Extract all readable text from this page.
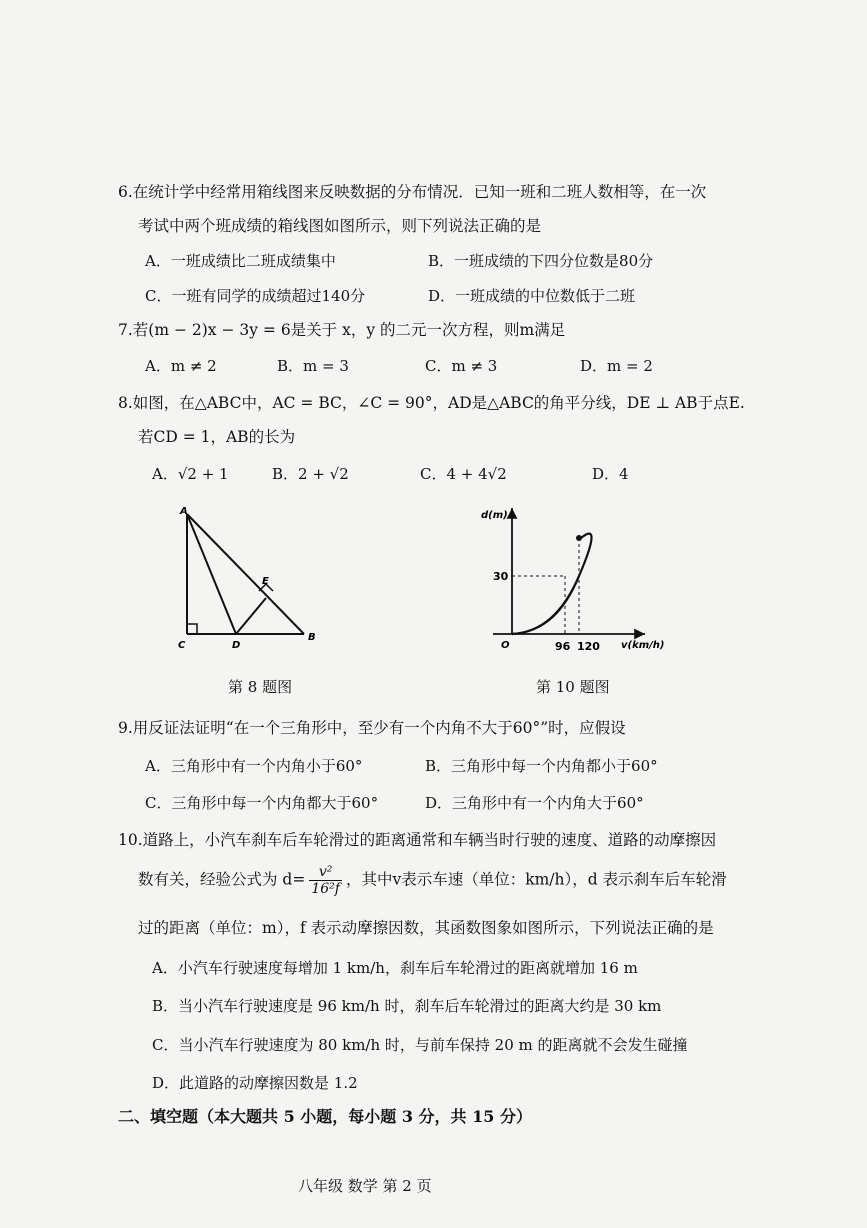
6.在统计学中经常用箱线图来反映数据的分布情况．已知一班和二班人数相等，在一次
考试中两个班成绩的箱线图如图所示，则下列说法正确的是
A．一班成绩比二班成绩集中	B．一班成绩的下四分位数是80分
C．一班有同学的成绩超过140分	D．一班成绩的中位数低于二班
7.若(m − 2)x − 3y = 6是关于 x，y 的二元一次方程，则m满足
A．m ≠ 2	B．m = 3	C．m ≠ 3	D．m = 2
8.如图，在△ABC中，AC = BC，∠C = 90°，AD是△ABC的角平分线，DE ⊥ AB于点E.
若CD = 1，AB的长为
A．√2 + 1	B．2 + √2	C．4 + 4√2	D．4
A
C	D
B
E
第 8 题图
d(m)
v(km/h)
O
30
96 120
第 10 题图
9.用反证法证明“在一个三角形中，至少有一个内角不大于60°”时，应假设
A．三角形中有一个内角小于60°	B．三角形中每一个内角都小于60°
C．三角形中每一个内角都大于60°	D．三角形中有一个内角大于60°
10.道路上，小汽车刹车后车轮滑过的距离通常和车辆当时行驶的速度、道路的动摩擦因
数有关，经验公式为 $d= \frac{\text{v²}}{\text{16²f}}$ ，其中v表示车速（单位：km/h），d 表示刹车后车轮滑
过的距离（单位：m），f 表示动摩擦因数，其函数图象如图所示，下列说法正确的是
A．小汽车行驶速度每增加 1 km/h，刹车后车轮滑过的距离就增加 16 m
B．当小汽车行驶速度是 96 km/h 时，刹车后车轮滑过的距离大约是 30 km
C．当小汽车行驶速度为 80 km/h 时，与前车保持 20 m 的距离就不会发生碰撞
D．此道路的动摩擦因数是 1.2
二、填空题（本大题共 5 小题，每小题 3 分，共 15 分）
八年级 数学 第 2 页
